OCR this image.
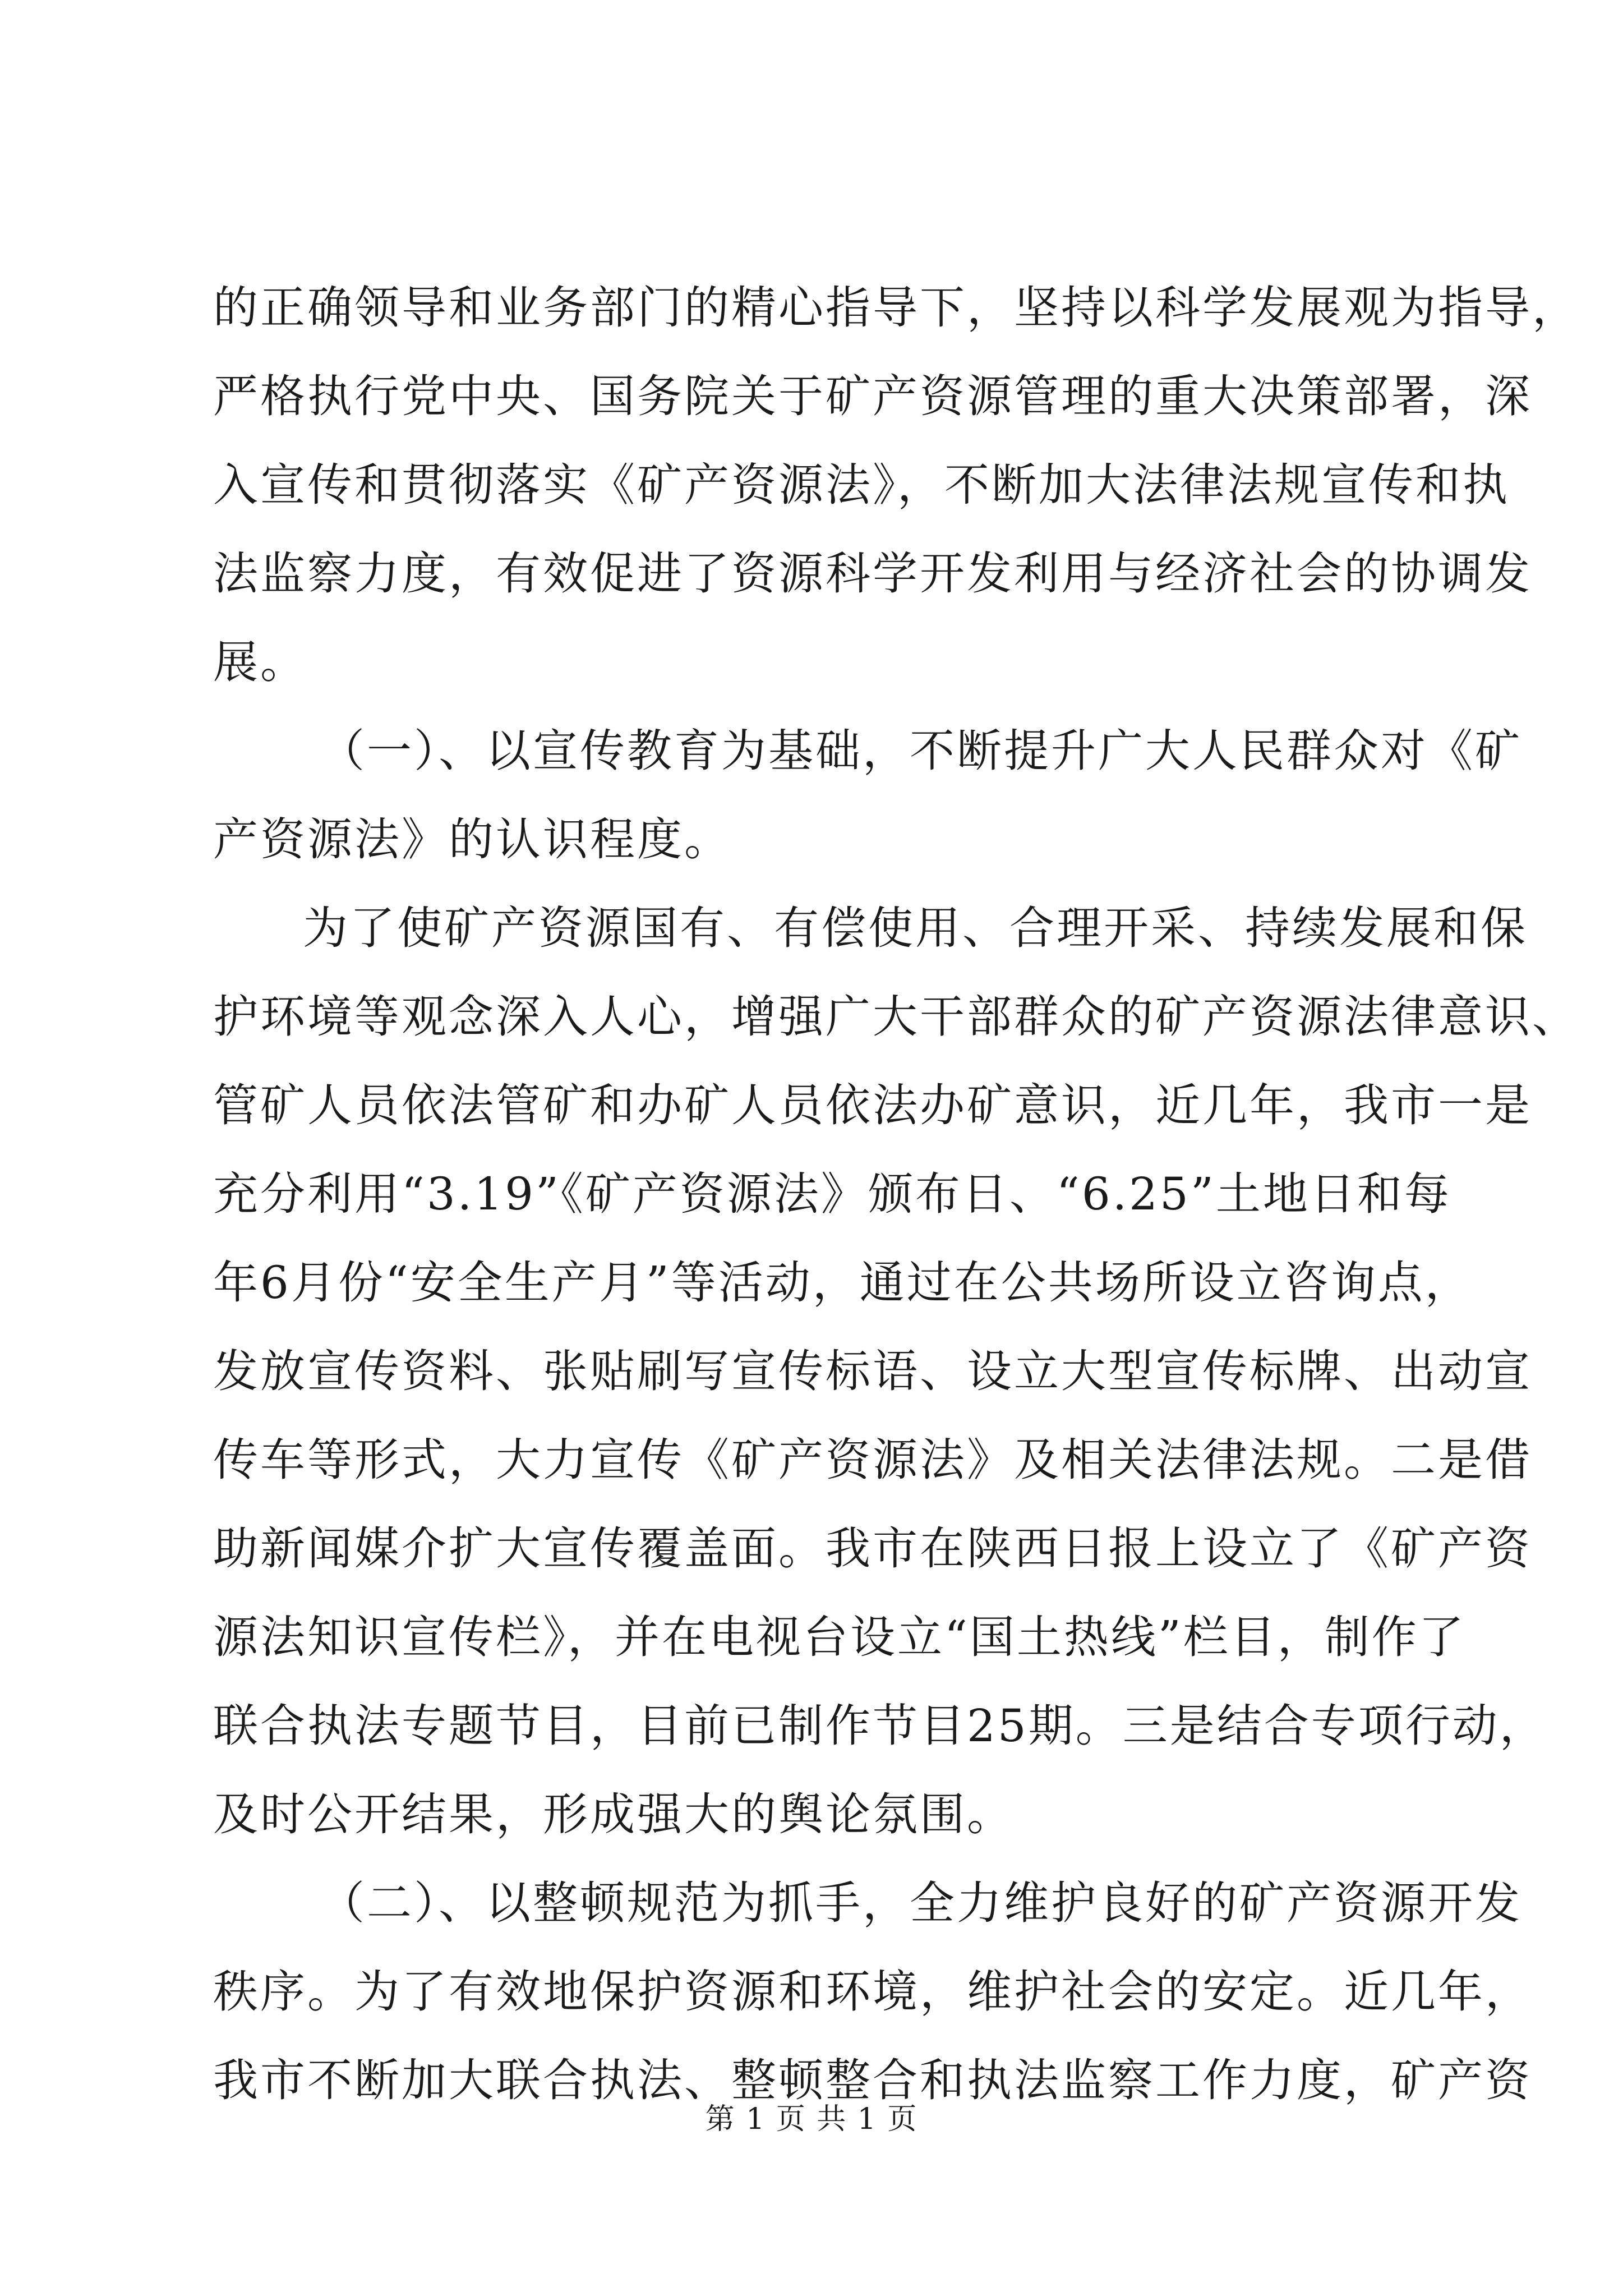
的正确领导和业务部门的精心指导下，坚持以科学发展观为指导，
严格执行党中央、国务院关于矿产资源管理的重大决策部署，深
入宣传和贯彻落实《矿产资源法》，不断加大法律法规宣传和执
法监察力度，有效促进了资源科学开发利用与经济社会的协调发
展。
（一）、以宣传教育为基础，不断提升广大人民群众对《矿
产资源法》的认识程度。
为了使矿产资源国有、有偿使用、合理开采、持续发展和保
护环境等观念深入人心，增强广大干部群众的矿产资源法律意识、
管矿人员依法管矿和办矿人员依法办矿意识，近几年，我市一是
充分利用“3.19”《矿产资源法》颁布日、“6.25”土地日和每
年6月份“安全生产月”等活动，通过在公共场所设立咨询点，
发放宣传资料、张贴刷写宣传标语、设立大型宣传标牌、出动宣
传车等形式，大力宣传《矿产资源法》及相关法律法规。二是借
助新闻媒介扩大宣传覆盖面。我市在陕西日报上设立了《矿产资
源法知识宣传栏》，并在电视台设立“国土热线”栏目，制作了
联合执法专题节目，目前已制作节目25期。三是结合专项行动，
及时公开结果，形成强大的舆论氛围。
（二）、以整顿规范为抓手，全力维护良好的矿产资源开发
秩序。为了有效地保护资源和环境，维护社会的安定。近几年，
我市不断加大联合执法、整顿整合和执法监察工作力度，矿产资
第 1 页 共 1 页
